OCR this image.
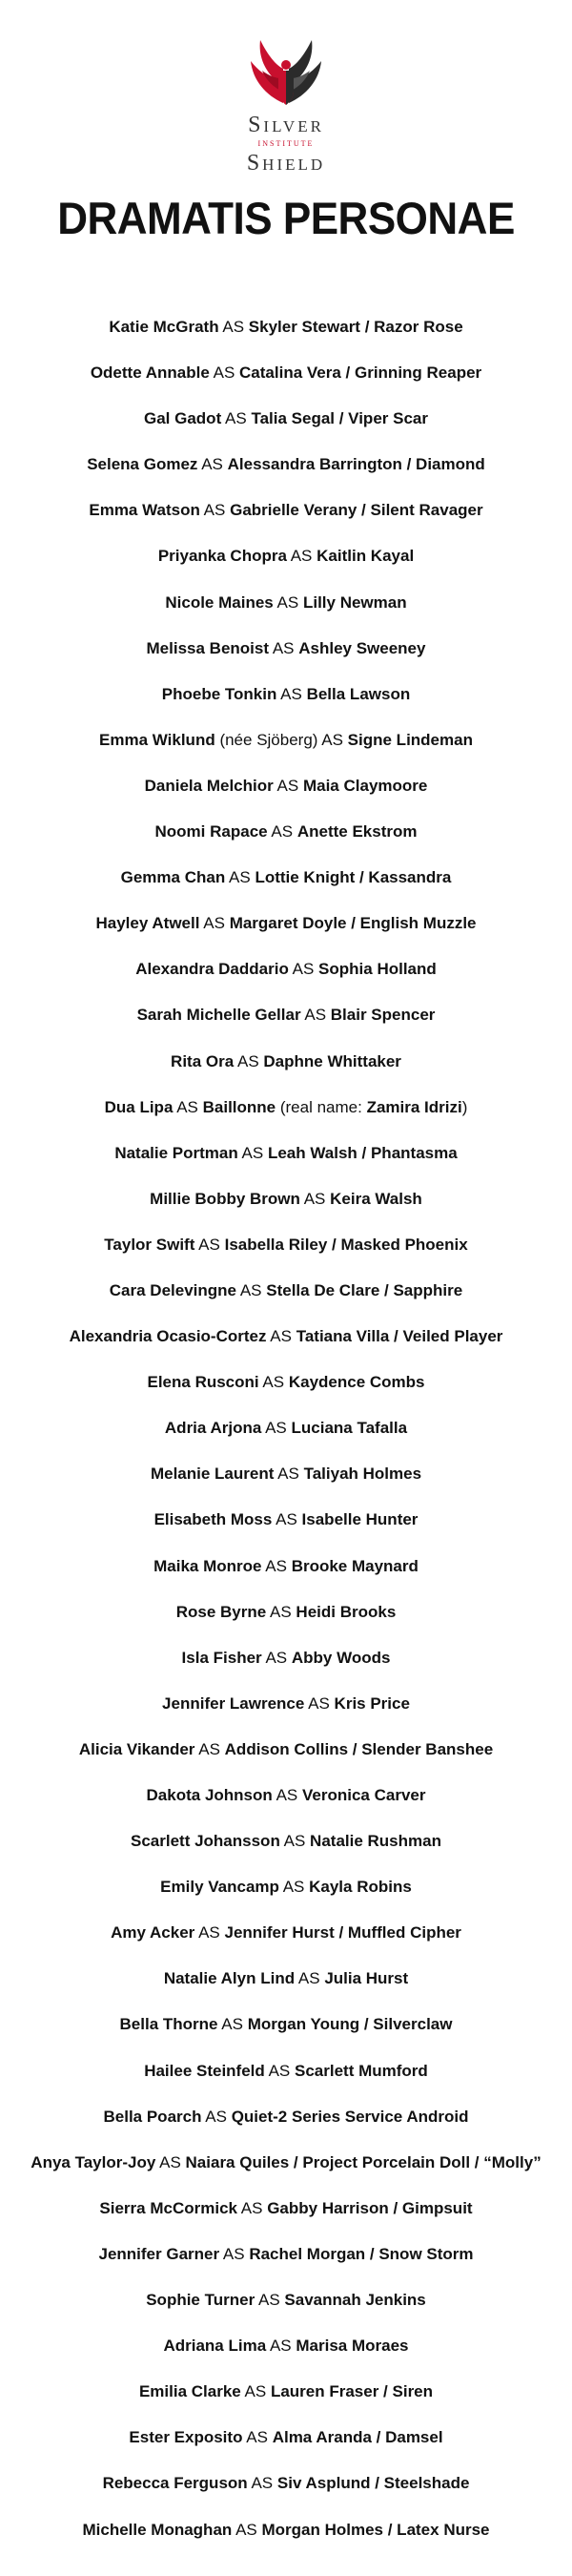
Silver
INSTITUTE
Shield
DRAMATIS PERSONAE
Katie McGrath AS Skyler Stewart / Razor Rose
Odette Annable AS Catalina Vera / Grinning Reaper
Gal Gadot AS Talia Segal / Viper Scar
Selena Gomez AS Alessandra Barrington / Diamond
Emma Watson AS Gabrielle Verany / Silent Ravager
Priyanka Chopra AS Kaitlin Kayal
Nicole Maines AS Lilly Newman
Melissa Benoist AS Ashley Sweeney
Phoebe Tonkin AS Bella Lawson
Emma Wiklund (née Sjöberg) AS Signe Lindeman
Daniela Melchior AS Maia Claymoore
Noomi Rapace AS Anette Ekstrom
Gemma Chan AS Lottie Knight / Kassandra
Hayley Atwell AS Margaret Doyle / English Muzzle
Alexandra Daddario AS Sophia Holland
Sarah Michelle Gellar AS Blair Spencer
Rita Ora AS Daphne Whittaker
Dua Lipa AS Baillonne (real name: Zamira Idrizi)
Natalie Portman AS Leah Walsh / Phantasma
Millie Bobby Brown AS Keira Walsh
Taylor Swift AS Isabella Riley / Masked Phoenix
Cara Delevingne AS Stella De Clare / Sapphire
Alexandria Ocasio-Cortez AS Tatiana Villa / Veiled Player
Elena Rusconi AS Kaydence Combs
Adria Arjona AS Luciana Tafalla
Melanie Laurent AS Taliyah Holmes
Elisabeth Moss AS Isabelle Hunter
Maika Monroe AS Brooke Maynard
Rose Byrne AS Heidi Brooks
Isla Fisher AS Abby Woods
Jennifer Lawrence AS Kris Price
Alicia Vikander AS Addison Collins / Slender Banshee
Dakota Johnson AS Veronica Carver
Scarlett Johansson AS Natalie Rushman
Emily Vancamp AS Kayla Robins
Amy Acker AS Jennifer Hurst / Muffled Cipher
Natalie Alyn Lind AS Julia Hurst
Bella Thorne AS Morgan Young / Silverclaw
Hailee Steinfeld AS Scarlett Mumford
Bella Poarch AS Quiet-2 Series Service Android
Anya Taylor-Joy AS Naiara Quiles / Project Porcelain Doll / “Molly”
Sierra McCormick AS Gabby Harrison / Gimpsuit
Jennifer Garner AS Rachel Morgan / Snow Storm
Sophie Turner AS Savannah Jenkins
Adriana Lima AS Marisa Moraes
Emilia Clarke AS Lauren Fraser / Siren
Ester Exposito AS Alma Aranda / Damsel
Rebecca Ferguson AS Siv Asplund / Steelshade
Michelle Monaghan AS Morgan Holmes / Latex Nurse
